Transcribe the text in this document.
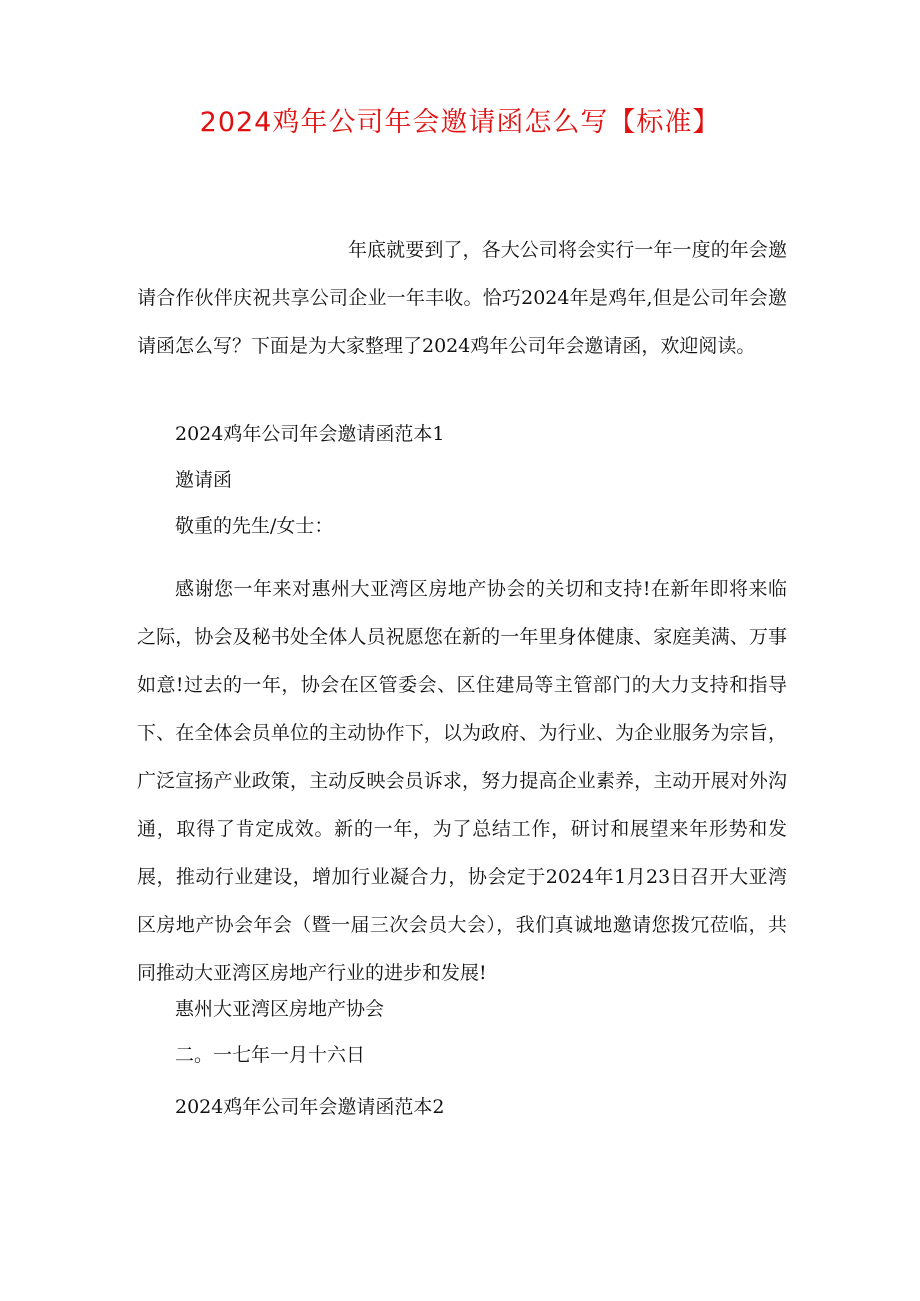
2024鸡年公司年会邀请函怎么写【标准】
年底就要到了，各大公司将会实行一年一度的年会邀请合作伙伴庆祝共享公司企业一年丰收。恰巧2024年是鸡年,但是公司年会邀请函怎么写？下面是为大家整理了2024鸡年公司年会邀请函，欢迎阅读。
2024鸡年公司年会邀请函范本1
邀请函
敬重的先生/女士：
感谢您一年来对惠州大亚湾区房地产协会的关切和支持!在新年即将来临之际，协会及秘书处全体人员祝愿您在新的一年里身体健康、家庭美满、万事如意!过去的一年，协会在区管委会、区住建局等主管部门的大力支持和指导下、在全体会员单位的主动协作下，以为政府、为行业、为企业服务为宗旨，广泛宣扬产业政策，主动反映会员诉求，努力提高企业素养，主动开展对外沟通，取得了肯定成效。新的一年，为了总结工作，研讨和展望来年形势和发展，推动行业建设，增加行业凝合力，协会定于2024年1月23日召开大亚湾区房地产协会年会（暨一届三次会员大会），我们真诚地邀请您拨冗莅临，共同推动大亚湾区房地产行业的进步和发展!
惠州大亚湾区房地产协会
二。一七年一月十六日
2024鸡年公司年会邀请函范本2
